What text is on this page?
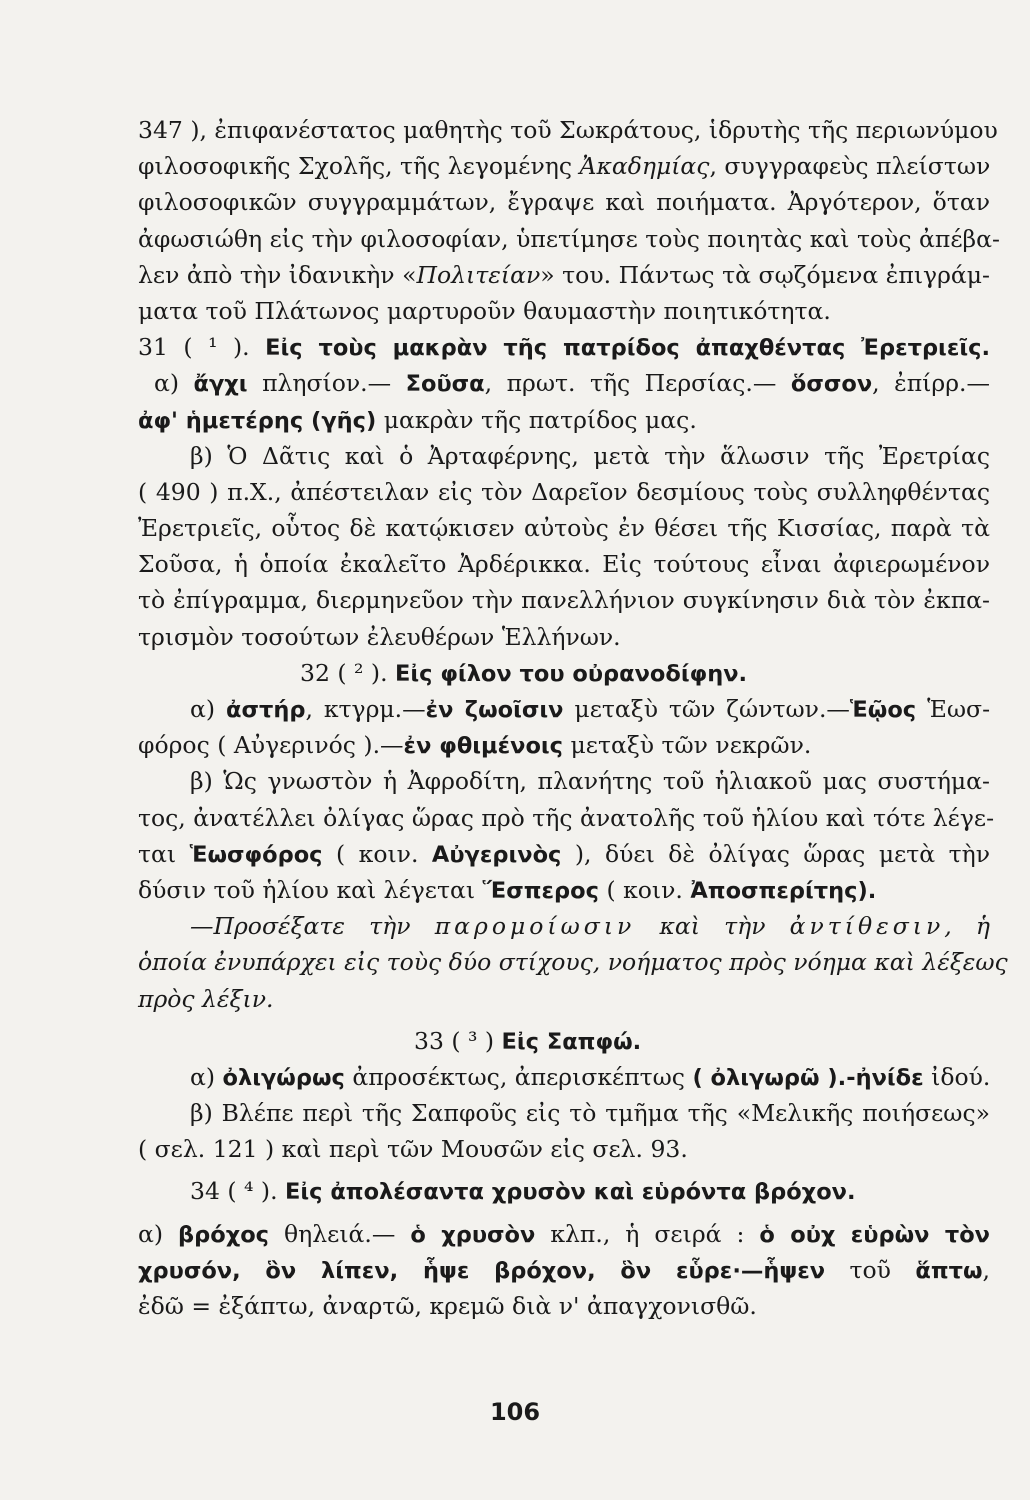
347 ), ἐπιφανέστατος μαθητὴς τοῦ Σωκράτους, ἱδρυτὴς τῆς περιωνύμου
φιλοσοφικῆς Σχολῆς, τῆς λεγομένης Ἀκαδημίας, συγγραφεὺς πλείστων
φιλοσοφικῶν συγγραμμάτων, ἔγραψε καὶ ποιήματα. Ἀργότερον, ὅταν
ἀφωσιώθη εἰς τὴν φιλοσοφίαν, ὑπετίμησε τοὺς ποιητὰς καὶ τοὺς ἀπέβα-
λεν ἀπὸ τὴν ἰδανικὴν «Πολιτείαν» του. Πάντως τὰ σῳζόμενα ἐπιγράμ-
ματα τοῦ Πλάτωνος μαρτυροῦν θαυμαστὴν ποιητικότητα.
31 ( ¹ ). Εἰς τοὺς μακρὰν τῆς πατρίδος ἀπαχθέντας Ἐρετριεῖς.
α) ἄγχι πλησίον.— Σοῦσα, πρωτ. τῆς Περσίας.— ὅσσον, ἐπίρρ.—
ἀφ' ἡμετέρης (γῆς) μακρὰν τῆς πατρίδος μας.
β) Ὁ Δᾶτις καὶ ὁ Ἀρταφέρνης, μετὰ τὴν ἅλωσιν τῆς Ἐρετρίας
( 490 ) π.Χ., ἀπέστειλαν εἰς τὸν Δαρεῖον δεσμίους τοὺς συλληφθέντας
Ἐρετριεῖς, οὗτος δὲ κατῴκισεν αὐτοὺς ἐν θέσει τῆς Κισσίας, παρὰ τὰ
Σοῦσα, ἡ ὁποία ἐκαλεῖτο Ἀρδέρικκα. Εἰς τούτους εἶναι ἀφιερωμένον
τὸ ἐπίγραμμα, διερμηνεῦον τὴν πανελλήνιον συγκίνησιν διὰ τὸν ἐκπα-
τρισμὸν τοσούτων ἐλευθέρων Ἑλλήνων.
32 ( ² ). Εἰς φίλον του οὐρανοδίφην.
α) ἀστήρ, κτγρμ.—ἐν ζωοῖσιν μεταξὺ τῶν ζώντων.—Ἑῷος Ἑωσ-
φόρος ( Αὐγερινός ).—ἐν φθιμένοις μεταξὺ τῶν νεκρῶν.
β) Ὡς γνωστὸν ἡ Ἀφροδίτη, πλανήτης τοῦ ἡλιακοῦ μας συστήμα-
τος, ἀνατέλλει ὀλίγας ὥρας πρὸ τῆς ἀνατολῆς τοῦ ἡλίου καὶ τότε λέγε-
ται Ἑωσφόρος ( κοιν. Αὐγερινὸς ), δύει δὲ ὀλίγας ὥρας μετὰ τὴν
δύσιν τοῦ ἡλίου καὶ λέγεται Ἕσπερος ( κοιν. Ἀποσπερίτης).
—Προσέξατε τὴν παρομοίωσιν καὶ τὴν ἀντίθεσιν, ἡ
ὁποία ἐνυπάρχει εἰς τοὺς δύο στίχους, νοήματος πρὸς νόημα καὶ λέξεως
πρὸς λέξιν.
33 ( ³ ) Εἰς Σαπφώ.
α) ὀλιγώρως ἀπροσέκτως, ἀπερισκέπτως ( ὀλιγωρῶ ).-ἠνίδε ἰδού.
β) Βλέπε περὶ τῆς Σαπφοῦς εἰς τὸ τμῆμα τῆς «Μελικῆς ποιήσεως»
( σελ. 121 ) καὶ περὶ τῶν Μουσῶν εἰς σελ. 93.
34 ( ⁴ ). Εἰς ἀπολέσαντα χρυσὸν καὶ εὑρόντα βρόχον.
α) βρόχος θηλειά.— ὁ χρυσὸν κλπ., ἡ σειρά : ὁ οὐχ εὑρὼν τὸν
χρυσόν, ὃν λίπεν, ἧψε βρόχον, ὃν εὗρε·—ἧψεν τοῦ ἅπτω,
ἐδῶ = ἐξάπτω, ἀναρτῶ, κρεμῶ διὰ ν' ἀπαγχονισθῶ.
106
